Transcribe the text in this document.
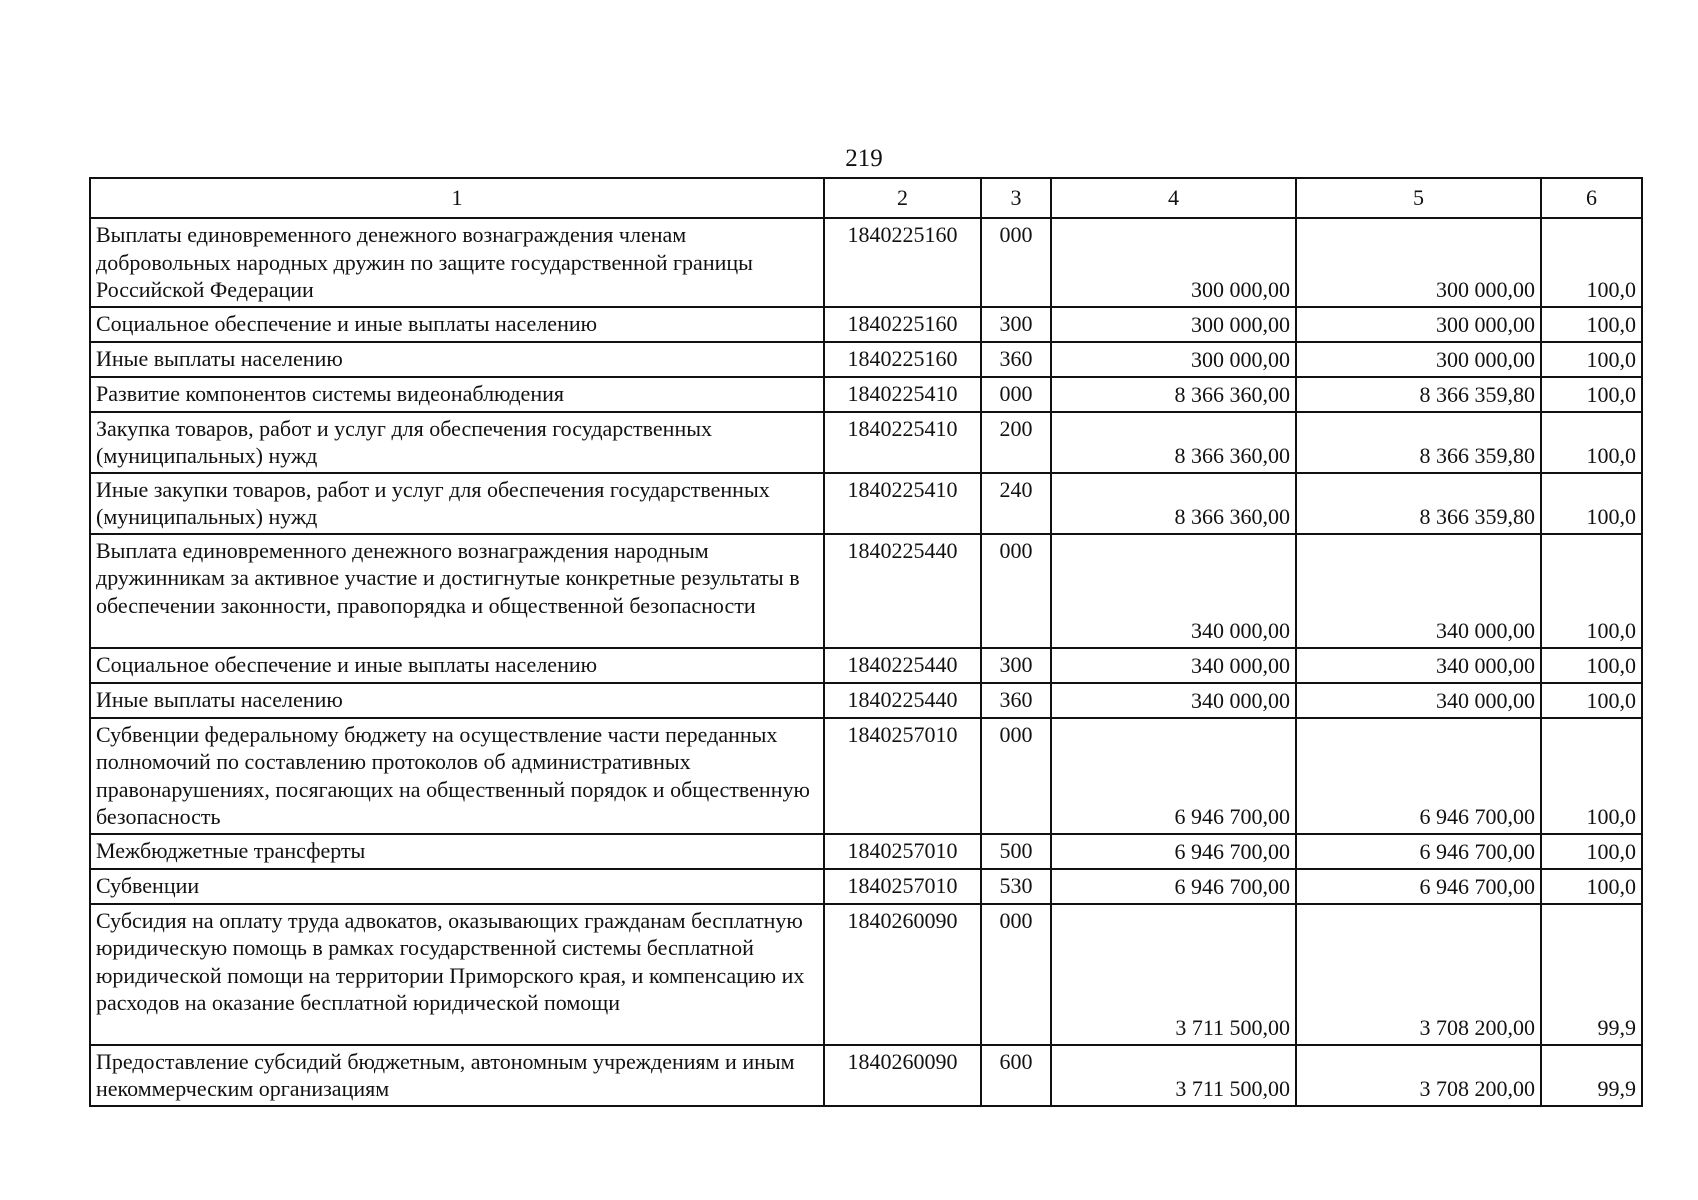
219
1	2	3	4	5	6
Выплаты единовременного денежного вознаграждения членам добровольных народных дружин по защите государственной границы Российской Федерации	1840225160	000	300 000,00	300 000,00	100,0
Социальное обеспечение и иные выплаты населению	1840225160	300	300 000,00	300 000,00	100,0
Иные выплаты населению	1840225160	360	300 000,00	300 000,00	100,0
Развитие компонентов системы видеонаблюдения	1840225410	000	8 366 360,00	8 366 359,80	100,0
Закупка товаров, работ и услуг для обеспечения государственных (муниципальных) нужд	1840225410	200	8 366 360,00	8 366 359,80	100,0
Иные закупки товаров, работ и услуг для обеспечения государственных (муниципальных) нужд	1840225410	240	8 366 360,00	8 366 359,80	100,0
Выплата единовременного денежного вознаграждения народным дружинникам за активное участие и достигнутые конкретные результаты в обеспечении законности, правопорядка и общественной безопасности	1840225440	000	340 000,00	340 000,00	100,0
Социальное обеспечение и иные выплаты населению	1840225440	300	340 000,00	340 000,00	100,0
Иные выплаты населению	1840225440	360	340 000,00	340 000,00	100,0
Субвенции федеральному бюджету на осуществление части переданных полномочий по составлению протоколов об административных правонарушениях, посягающих на общественный порядок и общественную безопасность	1840257010	000	6 946 700,00	6 946 700,00	100,0
Межбюджетные трансферты	1840257010	500	6 946 700,00	6 946 700,00	100,0
Субвенции	1840257010	530	6 946 700,00	6 946 700,00	100,0
Субсидия на оплату труда адвокатов, оказывающих гражданам бесплатную юридическую помощь в рамках государственной системы бесплатной юридической помощи на территории Приморского края, и компенсацию их расходов на оказание бесплатной юридической помощи	1840260090	000	3 711 500,00	3 708 200,00	99,9
Предоставление субсидий бюджетным, автономным учреждениям и иным некоммерческим организациям	1840260090	600	3 711 500,00	3 708 200,00	99,9
